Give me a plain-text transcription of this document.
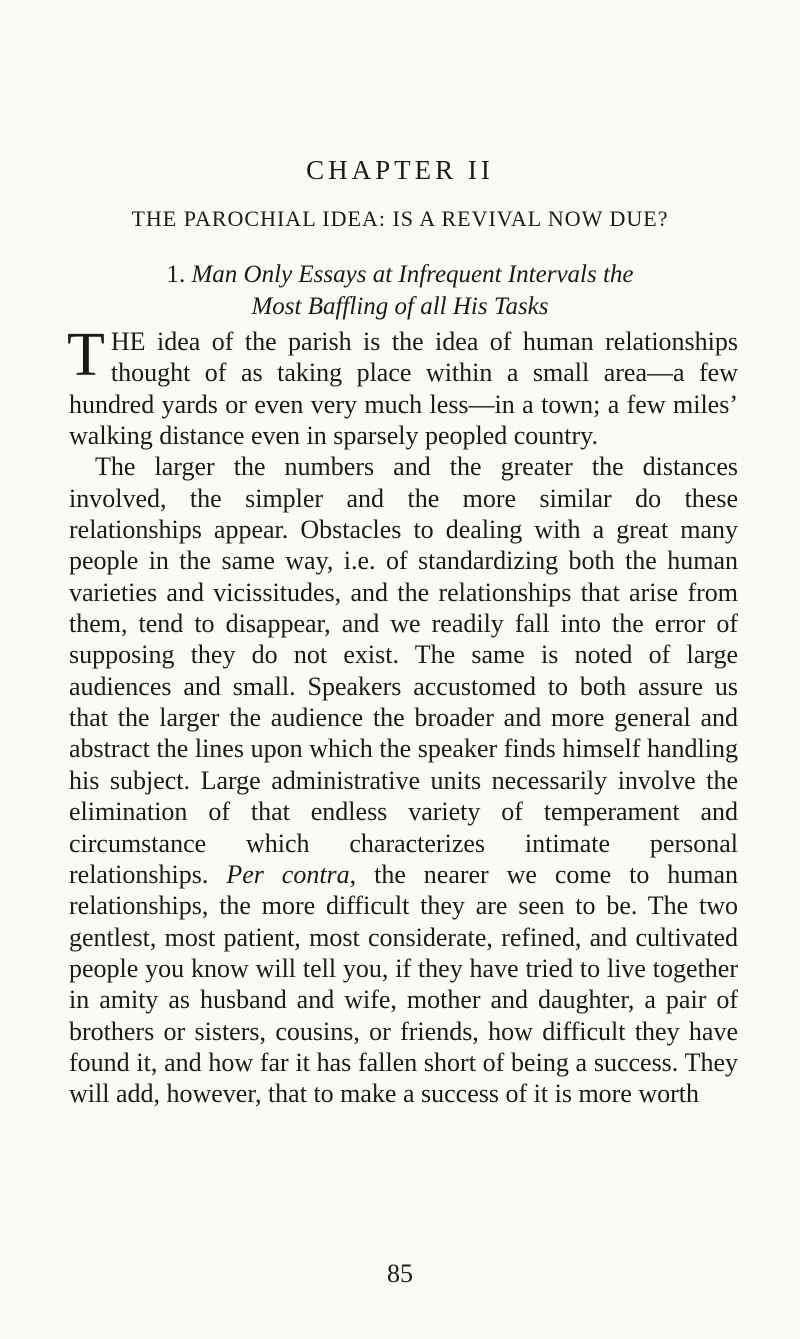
CHAPTER II
THE PAROCHIAL IDEA: IS A REVIVAL NOW DUE?
1. Man Only Essays at Infrequent Intervals the
Most Baffling of all His Tasks

THE idea of the parish is the idea of human relationships thought of as taking place within a small area—a few hundred yards or even very much less—in a town; a few miles’ walking distance even in sparsely peopled country.

The larger the numbers and the greater the distances involved, the simpler and the more similar do these relationships appear. Obstacles to dealing with a great many people in the same way, i.e. of standardizing both the human varieties and vicissitudes, and the relationships that arise from them, tend to disappear, and we readily fall into the error of supposing they do not exist. The same is noted of large audiences and small. Speakers accustomed to both assure us that the larger the audience the broader and more general and abstract the lines upon which the speaker finds himself handling his subject. Large administrative units necessarily involve the elimination of that endless variety of temperament and circumstance which characterizes intimate personal relationships. Per contra, the nearer we come to human relationships, the more difficult they are seen to be. The two gentlest, most patient, most considerate, refined, and cultivated people you know will tell you, if they have tried to live together in amity as husband and wife, mother and daughter, a pair of brothers or sisters, cousins, or friends, how difficult they have found it, and how far it has fallen short of being a success. They will add, however, that to make a success of it is more worth

85
